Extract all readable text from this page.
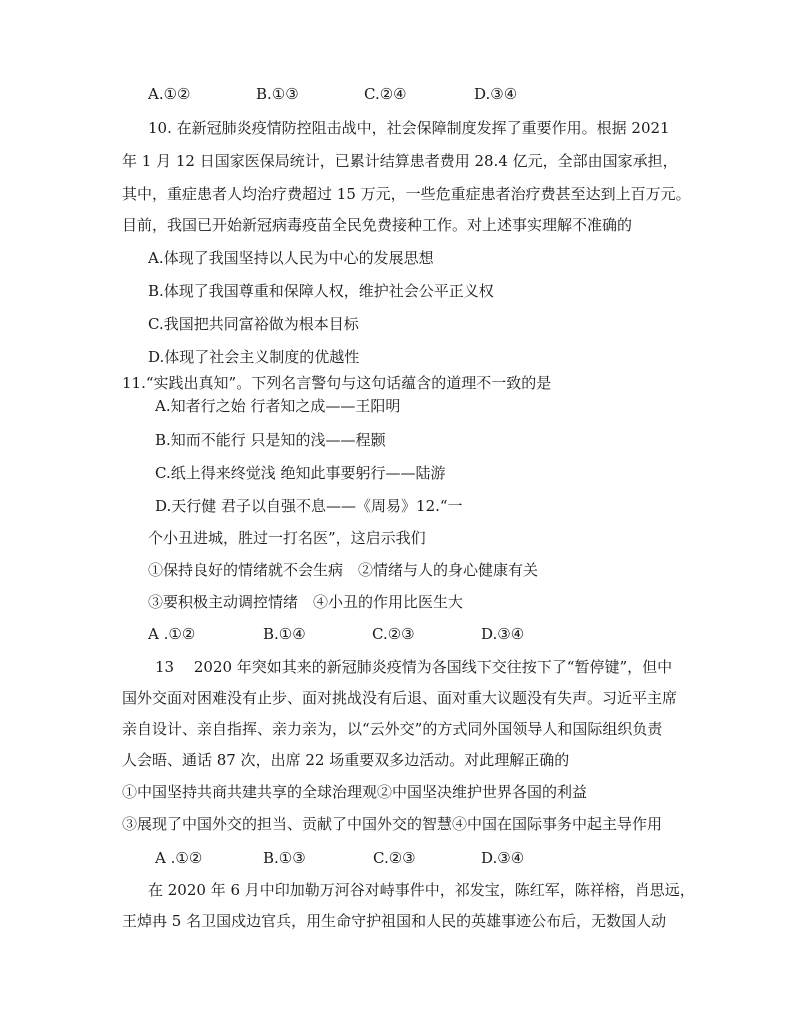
A.①②	B.①③	C.②④	D.③④
10. 在新冠肺炎疫情防控阻击战中，社会保障制度发挥了重要作用。根据 2021
年 1 月 12 日国家医保局统计，已累计结算患者费用 28.4 亿元，全部由国家承担，
其中，重症患者人均治疗费超过 15 万元，一些危重症患者治疗费甚至达到上百万元。
目前，我国已开始新冠病毒疫苗全民免费接种工作。对上述事实理解不准确的
A.体现了我国坚持以人民为中心的发展思想
B.体现了我国尊重和保障人权，维护社会公平正义权
C.我国把共同富裕做为根本目标
D.体现了社会主义制度的优越性
11.“实践出真知”。下列名言警句与这句话蕴含的道理不一致的是
A.知者行之始 行者知之成——王阳明
B.知而不能行 只是知的浅——程颢
C.纸上得来终觉浅 绝知此事要躬行——陆游
D.天行健 君子以自强不息——《周易》12.“一
个小丑进城，胜过一打名医”，这启示我们
①保持良好的情绪就不会生病　②情绪与人的身心健康有关
③要积极主动调控情绪　④小丑的作用比医生大
A .①②	B.①④	C.②③	D.③④
13　 2020 年突如其来的新冠肺炎疫情为各国线下交往按下了“暂停键”，但中
国外交面对困难没有止步、面对挑战没有后退、面对重大议题没有失声。习近平主席
亲自设计、亲自指挥、亲力亲为，以“云外交”的方式同外国领导人和国际组织负责
人会晤、通话 87 次，出席 22 场重要双多边活动。对此理解正确的
①中国坚持共商共建共享的全球治理观②中国坚决维护世界各国的利益
③展现了中国外交的担当、贡献了中国外交的智慧④中国在国际事务中起主导作用
A .①②	B.①③	C.②③	D.③④
在 2020 年 6 月中印加勒万河谷对峙事件中，祁发宝，陈红军，陈祥榕，肖思远，
王焯冉 5 名卫国戍边官兵，用生命守护祖国和人民的英雄事迹公布后，无数国人动
